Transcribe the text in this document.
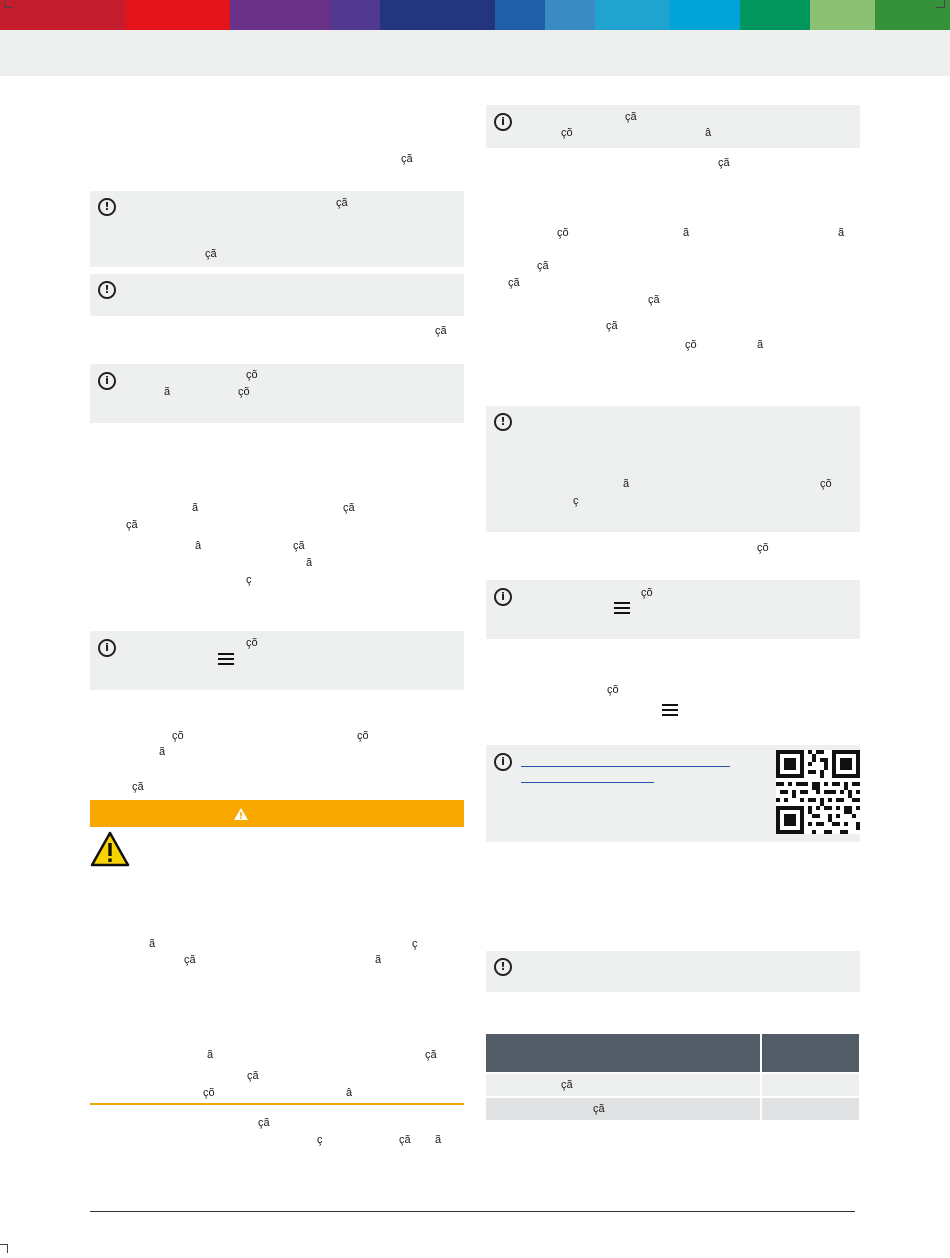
çã
!	çã
çã
!
çã
i	çõ
ã	çõ
ã	çã
çã
â	çã
ã
ç
i	çõ
çõ	çõ
ã
çã
ã	ç
çã	ã
ã	çã
çã
çõ	â
çã
ç	çã ã
i	çã
çõ	â
çã
çõ	ã	ã
çã
çã
çã
çã
çõ	ã
!
ã	çõ
ç
çõ
i	çõ
çõ
i
!
çã
çã
